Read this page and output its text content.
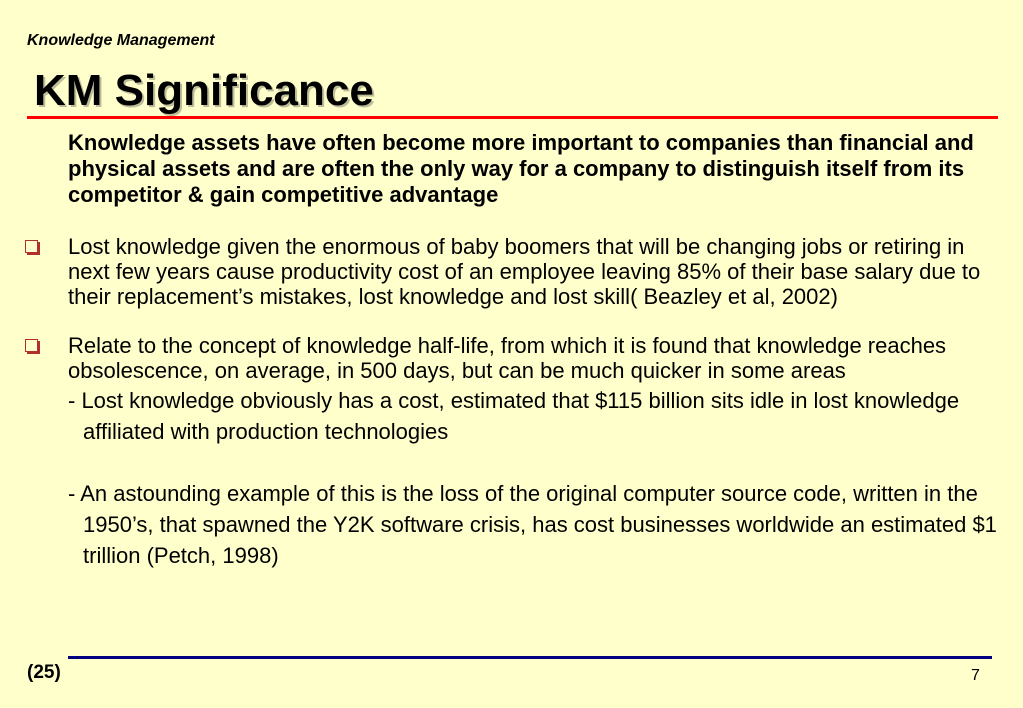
Knowledge Management
KM Significance

Knowledge assets have often become more important to companies than financial and physical assets and are often the only way for a company to distinguish itself from its competitor & gain competitive advantage

Lost knowledge given the enormous of baby boomers that will be changing jobs or retiring in next few years cause productivity cost of an employee leaving 85% of their base salary due to their replacement’s mistakes, lost knowledge and lost skill( Beazley et al, 2002)
Relate to the concept of knowledge half-life, from which it is found that knowledge reaches obsolescence, on average, in 500 days, but can be much quicker in some areas

- Lost knowledge obviously has a cost, estimated that $115 billion sits idle in lost knowledge affiliated with production technologies

- An astounding example of this is the loss of the original computer source code, written in the 1950’s, that spawned the Y2K software crisis, has cost businesses worldwide an estimated $1 trillion (Petch, 1998)

(25)	7
